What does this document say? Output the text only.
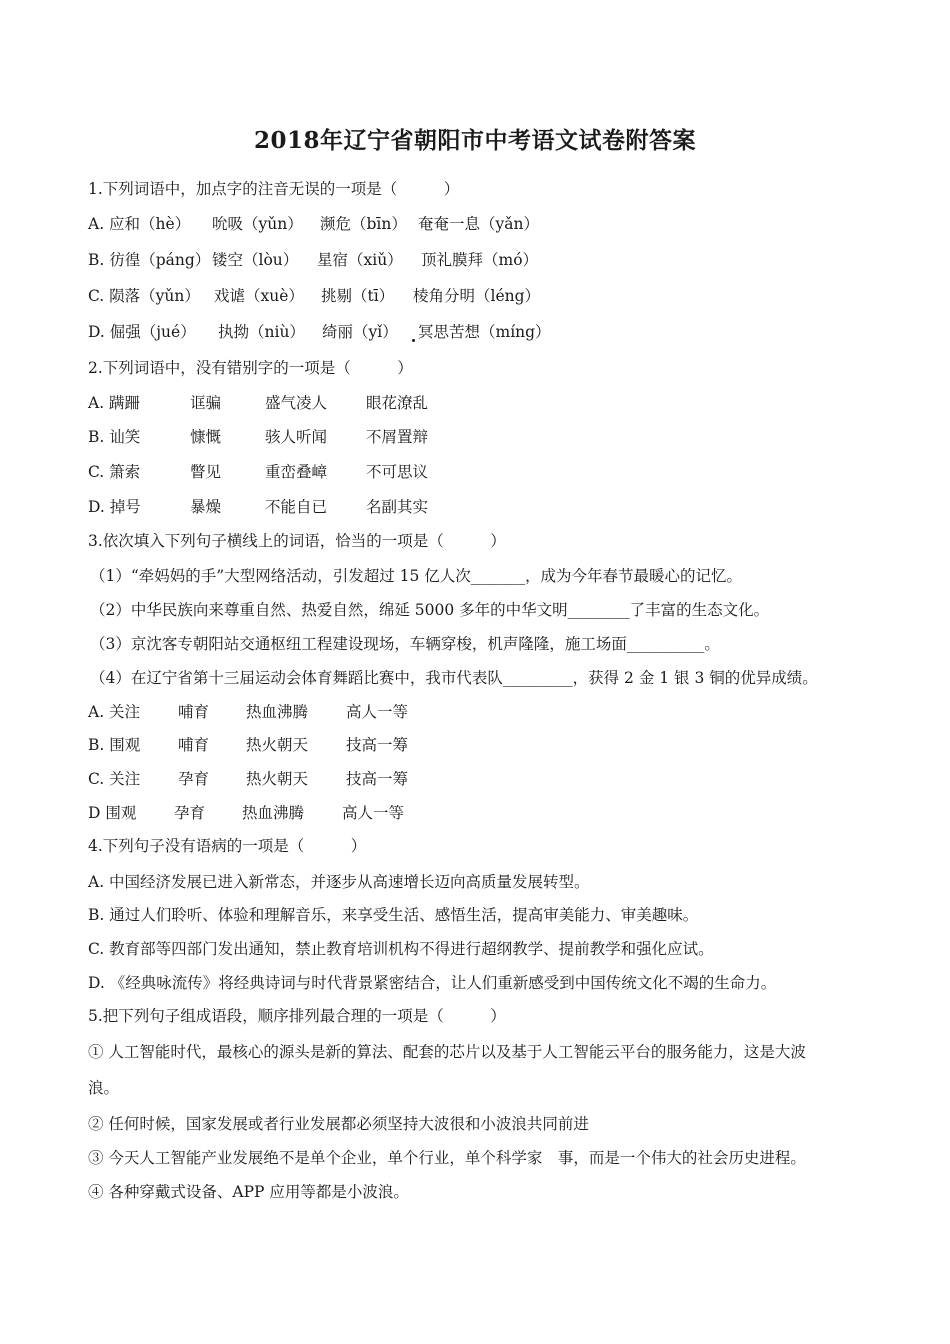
2018年辽宁省朝阳市中考语文试卷附答案
1.下列词语中，加点字的注音无误的一项是（　　　）
A. 应和（hè） 吮吸（yǔn） 濒危（bīn） 奄奄一息（yǎn）
B. 彷徨（páng） 镂空（lòu） 星宿（xiǔ） 顶礼膜拜（mó）
C. 陨落（yǔn） 戏谑（xuè） 挑剔（tī） 棱角分明（léng）
D. 倔强（jué） 执拗（niù） 绮丽（yǐ） 冥思苦想（míng）
2.下列词语中，没有错别字的一项是（　　　）
A. 蹒跚	诓骗	盛气凌人	眼花潦乱
B. 讪笑	慷慨	骇人听闻	不屑置辩
C. 箫索	瞥见	重峦叠嶂	不可思议
D. 掉号	暴燥	不能自已	名副其实
3.依次填入下列句子横线上的词语，恰当的一项是（　　　）
（1）“牵妈妈的手”大型网络活动，引发超过 15 亿人次_______，成为今年春节最暖心的记忆。
（2）中华民族向来尊重自然、热爱自然，绵延 5000 多年的中华文明________了丰富的生态文化。
（3）京沈客专朝阳站交通枢纽工程建设现场，车辆穿梭，机声隆隆，施工场面__________。
（4）在辽宁省第十三届运动会体育舞蹈比赛中，我市代表队_________，获得 2 金 1 银 3 铜的优异成绩。
A. 关注 哺育 热血沸腾 高人一等
B. 围观 哺育 热火朝天 技高一筹
C. 关注 孕育 热火朝天 技高一筹
D 围观 孕育 热血沸腾 高人一等
4.下列句子没有语病的一项是（　　　）
A. 中国经济发展已进入新常态，并逐步从高速增长迈向高质量发展转型。
B. 通过人们聆听、体验和理解音乐，来享受生活、感悟生活，提高审美能力、审美趣味。
C. 教育部等四部门发出通知，禁止教育培训机构不得进行超纲教学、提前教学和强化应试。
D. 《经典咏流传》将经典诗词与时代背景紧密结合，让人们重新感受到中国传统文化不竭的生命力。
5.把下列句子组成语段，顺序排列最合理的一项是（　　　）
① 人工智能时代，最核心的源头是新的算法、配套的芯片以及基于人工智能云平台的服务能力，这是大波
浪。
② 任何时候，国家发展或者行业发展都必须坚持大波很和小波浪共同前进
③ 今天人工智能产业发展绝不是单个企业，单个行业，单个科学家　事，而是一个伟大的社会历史进程。
④ 各种穿戴式设备、APP 应用等都是小波浪。
